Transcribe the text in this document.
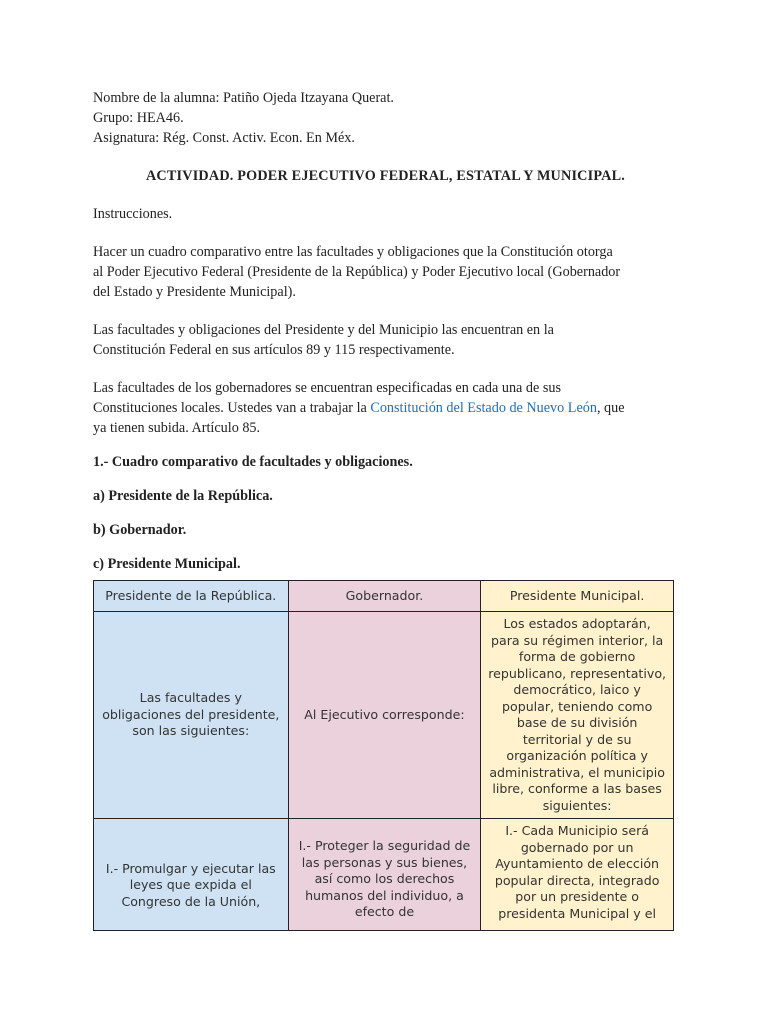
Nombre de la alumna: Patiño Ojeda Itzayana Querat.

Grupo: HEA46.

Asignatura: Rég. Const. Activ. Econ. En Méx.

ACTIVIDAD. PODER EJECUTIVO FEDERAL, ESTATAL Y MUNICIPAL.

Instrucciones.

Hacer un cuadro comparativo entre las facultades y obligaciones que la Constitución otorga

al Poder Ejecutivo Federal (Presidente de la República) y Poder Ejecutivo local (Gobernador

del Estado y Presidente Municipal).

Las facultades y obligaciones del Presidente y del Municipio las encuentran en la

Constitución Federal en sus artículos 89 y 115 respectivamente.

Las facultades de los gobernadores se encuentran especificadas en cada una de sus

Constituciones locales. Ustedes van a trabajar la Constitución del Estado de Nuevo León, que

ya tienen subida. Artículo 85.

1.- Cuadro comparativo de facultades y obligaciones.

a) Presidente de la República.

b) Gobernador.

c) Presidente Municipal.

Presidente de la República.	Gobernador.	Presidente Municipal.
Las facultades y obligaciones del presidente, son las siguientes:	Al Ejecutivo corresponde:	Los estados adoptarán, para su régimen interior, la forma de gobierno republicano, representativo, democrático, laico y popular, teniendo como base de su división territorial y de su organización política y administrativa, el municipio libre, conforme a las bases siguientes:

I.- Promulgar y ejecutar las leyes que expida el Congreso de la Unión,	I.- Proteger la seguridad de las personas y sus bienes, así como los derechos humanos del individuo, a efecto de	I.- Cada Municipio será gobernado por un Ayuntamiento de elección popular directa, integrado por un presidente o presidenta Municipal y el
